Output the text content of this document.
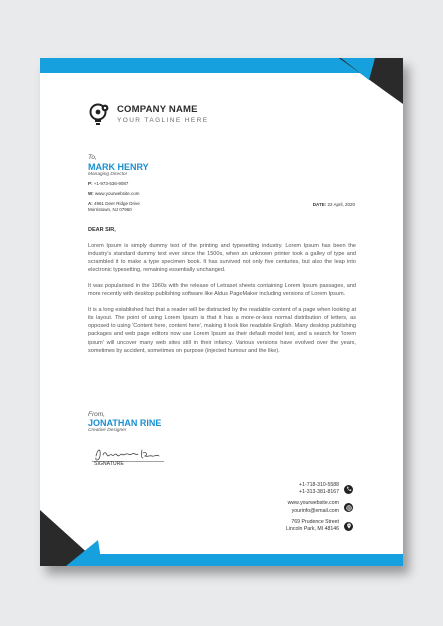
COMPANY NAME
YOUR TAGLINE HERE
To,
MARK HENRY
Managing Director
P: +1-973-536-9087
W: www.yourwebsite.com
A: 4961 Deer Ridge Drive
Morristown, NJ 07960
DATE: 22 April, 2020
DEAR SIR,

Lorem Ipsum is simply dummy text of the printing and typesetting industry. Lorem Ipsum has been the industry's standard dummy text ever since the 1500s, when an unknown printer took a galley of type and scrambled it to make a type specimen book. It has survived not only five centuries, but also the leap into electronic typesetting, remaining essentially unchanged.

It was popularised in the 1960s with the release of Letraset sheets containing Lorem Ipsum passages, and more recently with desktop publishing software like Aldus PageMaker including versions of Lorem Ipsum.

It is a long established fact that a reader will be distracted by the readable content of a page when looking at its layout. The point of using Lorem Ipsum is that it has a more-or-less normal distribution of letters, as opposed to using 'Content here, content here', making it look like readable English. Many desktop publishing packages and web page editors now use Lorem Ipsum as their default model text, and a search for 'lorem ipsum' will uncover many web sites still in their infancy. Various versions have evolved over the years, sometimes by accident, sometimes on purpose (injected humour and the like).

From,
JONATHAN RINE
Creative Designer
SIGNATURE
+1-718-310-5588
+1-313-381-8167
www.yourwebsite.com
yourinfo@email.com
769 Prudence Street
Lincoln Park, MI 48146
